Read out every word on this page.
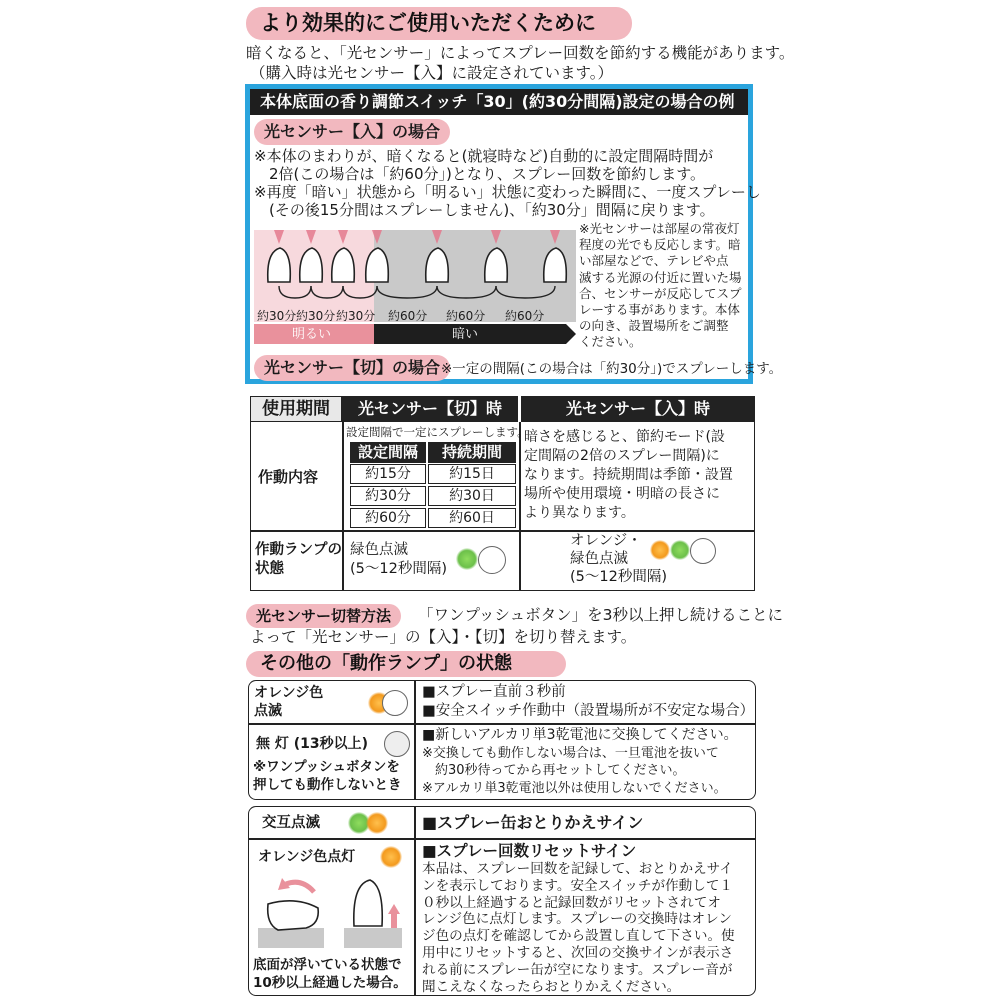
より効果的にご使用いただくために
暗くなると、「光センサー」によってスプレー回数を節約する機能があります。
（購入時は光センサー【入】に設定されています。）
本体底面の香り調節スイッチ「30」(約30分間隔)設定の場合の例
光センサー【入】の場合
※本体のまわりが、暗くなると(就寝時など)自動的に設定間隔時間が
　2倍(この場合は「約60分」)となり、スプレー回数を節約します。
※再度「暗い」状態から「明るい」状態に変わった瞬間に、一度スプレーし
　(その後15分間はスプレーしません)、「約30分」間隔に戻ります。
約30分 約30分 約30分 約60分 約60分 約60分
明るい	暗い
※光センサーは部屋の常夜灯
程度の光でも反応します。暗
い部屋などで、テレビや点
滅する光源の付近に置いた場
合、センサーが反応してスプ
レーする事があります。本体
の向き、設置場所をご調整
ください。
光センサー【切】の場合 ※一定の間隔(この場合は「約30分」)でスプレーします。
使用期間	光センサー【切】時	光センサー【入】時
作動内容
設定間隔で一定にスプレーします。
設定間隔	持続期間
約15分	約15日
約30分	約30日
約60分	約60日
暗さを感じると、節約モード(設
定間隔の2倍のスプレー間隔)に
なります。持続期間は季節・設置
場所や使用環境・明暗の長さに
より異なります。
作動ランプの
状態
緑色点滅
(5〜12秒間隔)
オレンジ・
緑色点滅
(5〜12秒間隔)
光センサー切替方法	「ワンプッシュボタン」を3秒以上押し続けることに
よって「光センサー」の【入】・【切】を切り替えます。
その他の「動作ランプ」の状態
オレンジ色
点滅
■スプレー直前３秒前
■安全スイッチ作動中（設置場所が不安定な場合）
無 灯 (13秒以上)
※ワンプッシュボタンを
押しても動作しないとき
■新しいアルカリ単3乾電池に交換してください。
※交換しても動作しない場合は、一旦電池を抜いて
　約30秒待ってから再セットしてください。
※アルカリ単3乾電池以外は使用しないでください。
交互点滅	■スプレー缶おとりかえサイン
オレンジ色点灯
底面が浮いている状態で
10秒以上経過した場合。
■スプレー回数リセットサイン
本品は、スプレー回数を記録して、おとりかえサイ
ンを表示しております。安全スイッチが作動して１
０秒以上経過すると記録回数がリセットされてオ
レンジ色に点灯します。スプレーの交換時はオレン
ジ色の点灯を確認してから設置し直して下さい。使
用中にリセットすると、次回の交換サインが表示さ
れる前にスプレー缶が空になります。スプレー音が
聞こえなくなったらおとりかえください。
